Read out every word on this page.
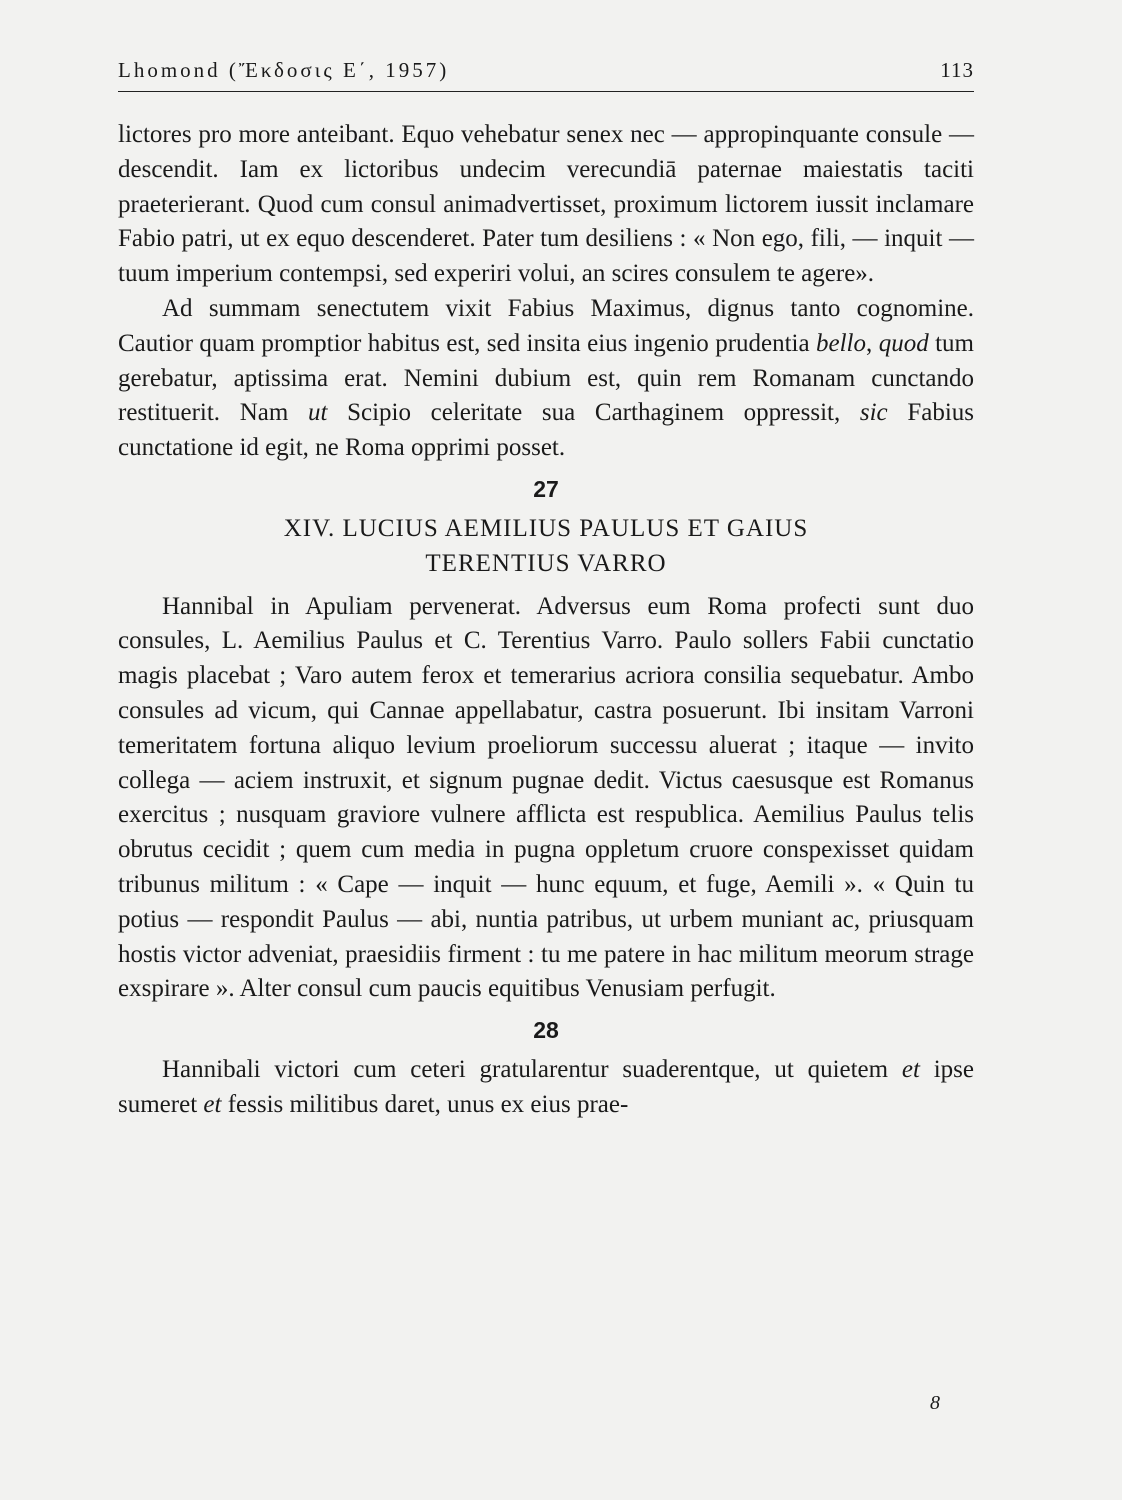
Lhomond (Ἔκδοσις Ε΄, 1957)	113

lictores pro more anteibant. Equo vehebatur senex nec — appropinquante consule — descendit. Iam ex lictoribus undecim verecundiā paternae maiestatis taciti praeterierant. Quod cum consul animadvertisset, proximum lictorem iussit inclamare Fabio patri, ut ex equo descenderet. Pater tum desiliens : « Non ego, fili, — inquit — tuum imperium contempsi, sed experiri volui, an scires consulem te agere».

Ad summam senectutem vixit Fabius Maximus, dignus tanto cognomine. Cautior quam promptior habitus est, sed insita eius ingenio prudentia bello, quod tum gerebatur, aptissima erat. Nemini dubium est, quin rem Romanam cunctando restituerit. Nam ut Scipio celeritate sua Carthaginem oppressit, sic Fabius cunctatione id egit, ne Roma opprimi posset.

27

XIV. LUCIUS AEMILIUS PAULUS ET GAIUS
TERENTIUS VARRO

Hannibal in Apuliam pervenerat. Adversus eum Roma profecti sunt duo consules, L. Aemilius Paulus et C. Terentius Varro. Paulo sollers Fabii cunctatio magis placebat ; Varo autem ferox et temerarius acriora consilia sequebatur. Ambo consules ad vicum, qui Cannae appellabatur, castra posuerunt. Ibi insitam Varroni temeritatem fortuna aliquo levium proeliorum successu aluerat ; itaque — invito collega — aciem instruxit, et signum pugnae dedit. Victus caesusque est Romanus exercitus ; nusquam graviore vulnere afflicta est respublica. Aemilius Paulus telis obrutus cecidit ; quem cum media in pugna oppletum cruore conspexisset quidam tribunus militum : « Cape — inquit — hunc equum, et fuge, Aemili ». « Quin tu potius — respondit Paulus — abi, nuntia patribus, ut urbem muniant ac, priusquam hostis victor adveniat, praesidiis firment : tu me patere in hac militum meorum strage exspirare ». Alter consul cum paucis equitibus Venusiam perfugit.

28

Hannibali victori cum ceteri gratularentur suaderentque, ut quietem et ipse sumeret et fessis militibus daret, unus ex eius prae-

8
